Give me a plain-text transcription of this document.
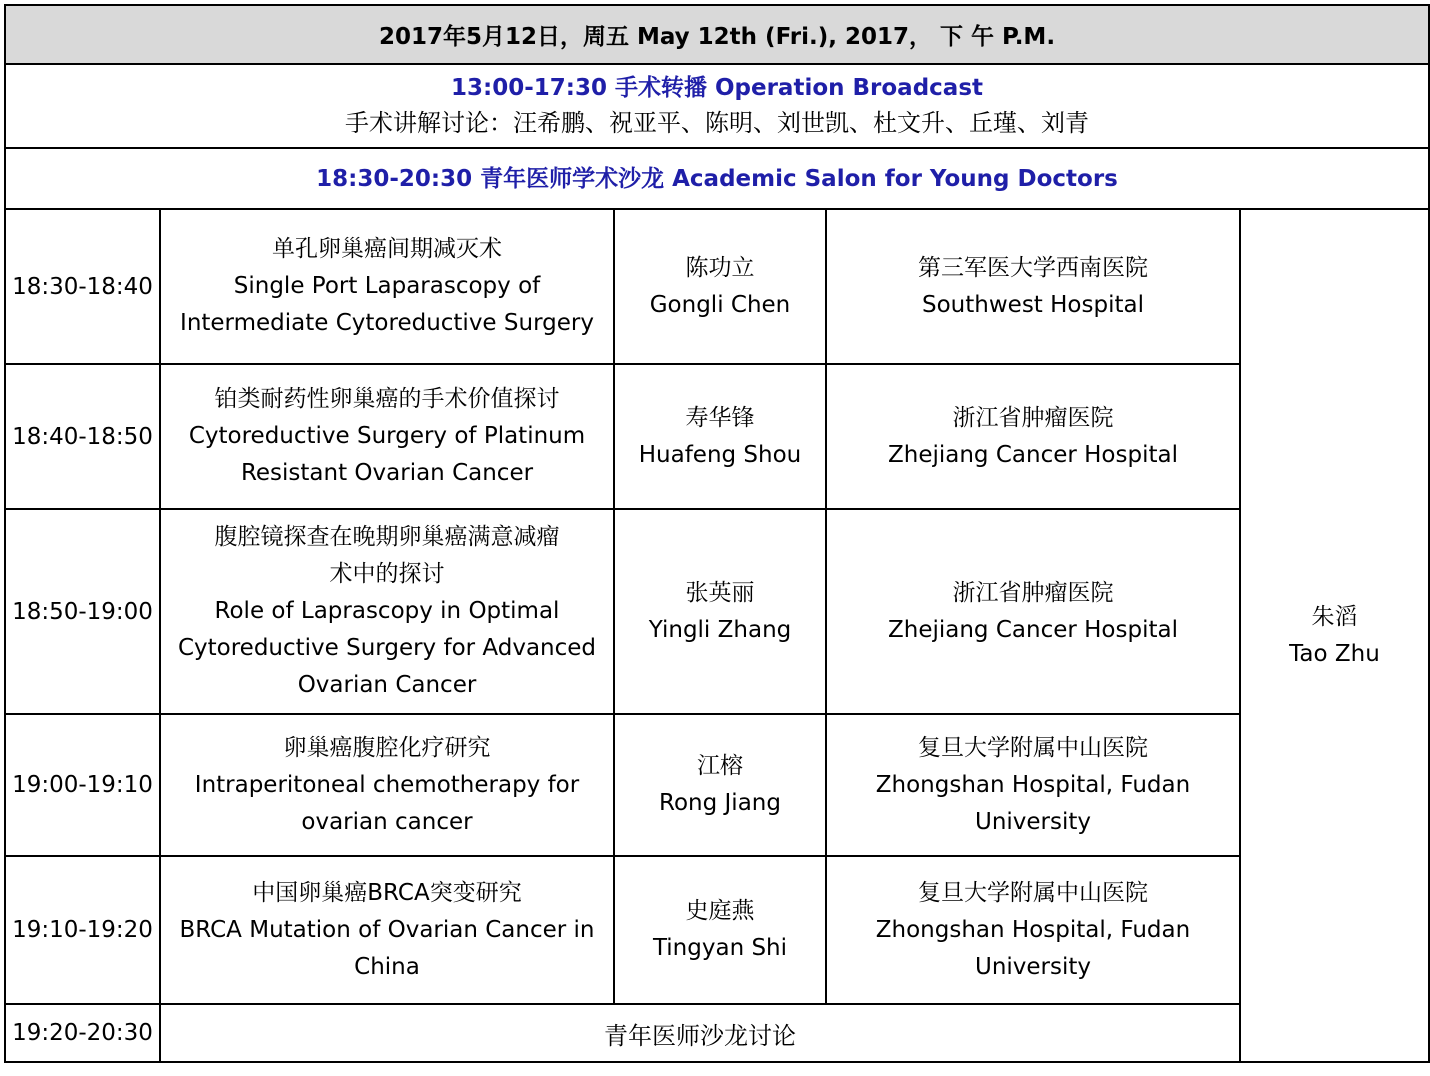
2017年5月12日，周五 May 12th (Fri.), 2017， 下 午 P.M.				

13:00-17:30 手术转播 Operation Broadcast
手术讲解讨论：汪希鹏、祝亚平、陈明、刘世凯、杜文升、丘瑾、刘青				

18:30-20:30 青年医师学术沙龙 Academic Salon for Young Doctors				
18:30-18:40	单孔卵巢癌间期减灭术
Single Port Laparascopy of
Intermediate Cytoreductive Surgery	陈功立
Gongli Chen	第三军医大学西南医院
Southwest Hospital	朱滔
Tao Zhu

18:40-18:50	铂类耐药性卵巢癌的手术价值探讨
Cytoreductive Surgery of Platinum
Resistant Ovarian Cancer	寿华锋
Huafeng Shou	浙江省肿瘤医院
Zhejiang Cancer Hospital	

18:50-19:00	腹腔镜探查在晚期卵巢癌满意减瘤
术中的探讨
Role of Laprascopy in Optimal
Cytoreductive Surgery for Advanced
Ovarian Cancer	张英丽
Yingli Zhang	浙江省肿瘤医院
Zhejiang Cancer Hospital	

19:00-19:10	卵巢癌腹腔化疗研究
Intraperitoneal chemotherapy for
ovarian cancer	江榕
Rong Jiang	复旦大学附属中山医院
Zhongshan Hospital, Fudan
University	

19:10-19:20	中国卵巢癌BRCA突变研究
BRCA Mutation of Ovarian Cancer in
China	史庭燕
Tingyan Shi	复旦大学附属中山医院
Zhongshan Hospital, Fudan
University	

19:20-20:30	青年医师沙龙讨论			
